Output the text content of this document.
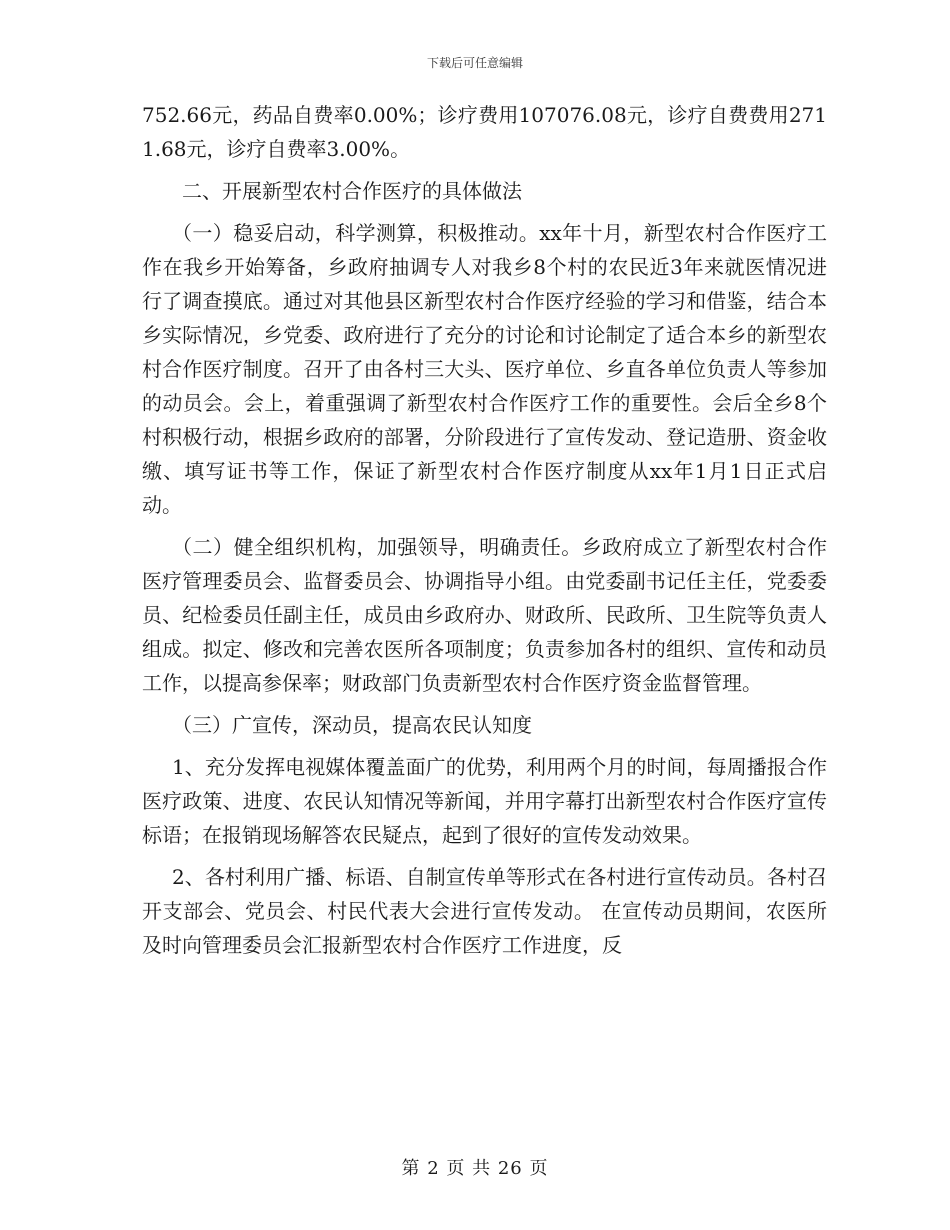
下载后可任意编辑

752.66元，药品自费率0.00%；诊疗费用107076.08元，诊疗自费费用2711.68元，诊疗自费率3.00%。

二、开展新型农村合作医疗的具体做法

（一）稳妥启动，科学测算，积极推动。xx年十月，新型农村合作医疗工作在我乡开始筹备，乡政府抽调专人对我乡8个村的农民近3年来就医情况进行了调查摸底。通过对其他县区新型农村合作医疗经验的学习和借鉴，结合本乡实际情况，乡党委、政府进行了充分的讨论和讨论制定了适合本乡的新型农村合作医疗制度。召开了由各村三大头、医疗单位、乡直各单位负责人等参加的动员会。会上，着重强调了新型农村合作医疗工作的重要性。会后全乡8个村积极行动，根据乡政府的部署，分阶段进行了宣传发动、登记造册、资金收缴、填写证书等工作，保证了新型农村合作医疗制度从xx年1月1日正式启动。

（二）健全组织机构，加强领导，明确责任。乡政府成立了新型农村合作医疗管理委员会、监督委员会、协调指导小组。由党委副书记任主任，党委委员、纪检委员任副主任，成员由乡政府办、财政所、民政所、卫生院等负责人组成。拟定、修改和完善农医所各项制度；负责参加各村的组织、宣传和动员工作，以提高参保率；财政部门负责新型农村合作医疗资金监督管理。

（三）广宣传，深动员，提高农民认知度

1、充分发挥电视媒体覆盖面广的优势，利用两个月的时间，每周播报合作医疗政策、进度、农民认知情况等新闻，并用字幕打出新型农村合作医疗宣传标语；在报销现场解答农民疑点，起到了很好的宣传发动效果。

2、各村利用广播、标语、自制宣传单等形式在各村进行宣传动员。各村召开支部会、党员会、村民代表大会进行宣传发动。 在宣传动员期间，农医所及时向管理委员会汇报新型农村合作医疗工作进度，反

第 2 页 共 26 页
